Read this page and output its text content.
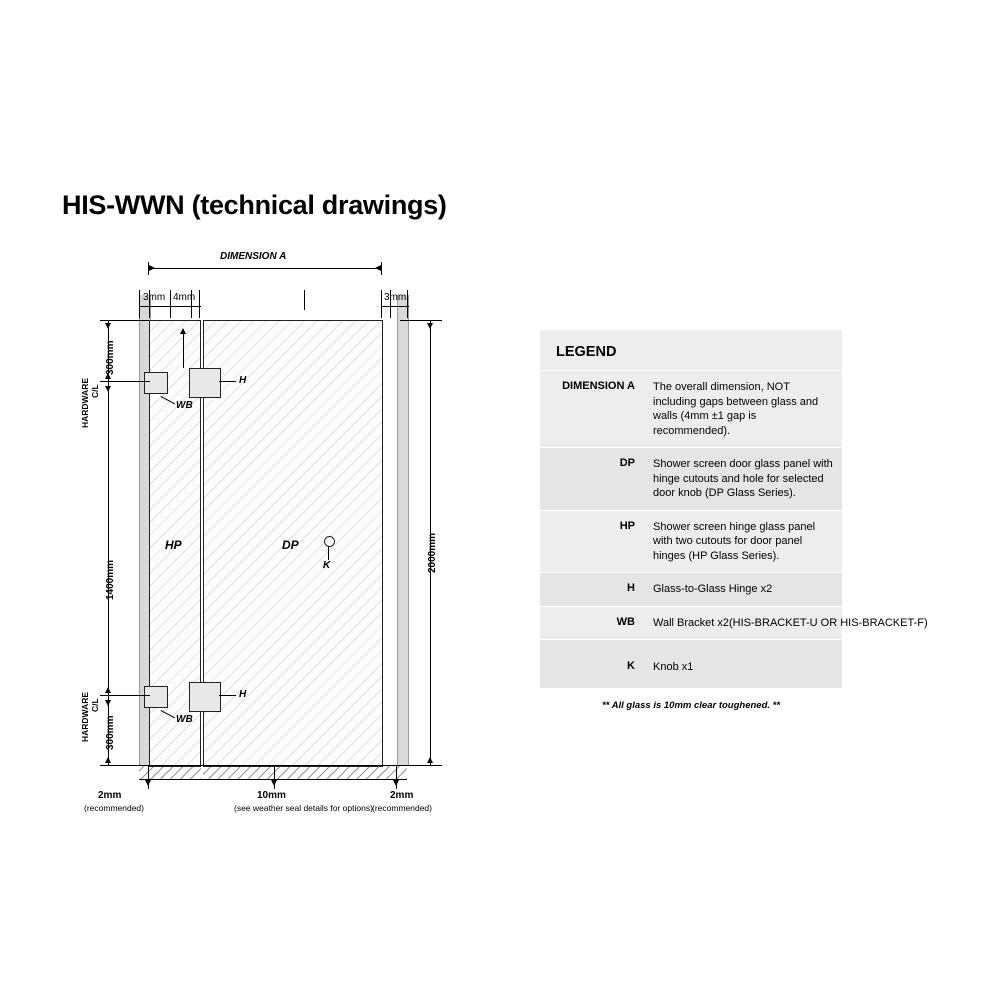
HIS-WWN (technical drawings)
DIMENSION A
3mm 4mm	3mm
HP	DP
K
H
H
WB
WB
300mm
1400mm
300mm
C/L
HARDWARE
C/L
HARDWARE
2000mm
2mm
(recommended)
10mm
(see weather seal details for options)
2mm
(recommended)
LEGEND
DIMENSION A	The overall dimension, NOT including gaps between glass and walls (4mm ±1 gap is recommended).
DP	Shower screen door glass panel with hinge cutouts and hole for selected door knob (DP Glass Series).
HP	Shower screen hinge glass panel with two cutouts for door panel hinges (HP Glass Series).
H	Glass-to-Glass Hinge x2
WB	Wall Bracket x2(HIS-BRACKET-U OR HIS-BRACKET-F)
K	Knob x1
** All glass is 10mm clear toughened. **
